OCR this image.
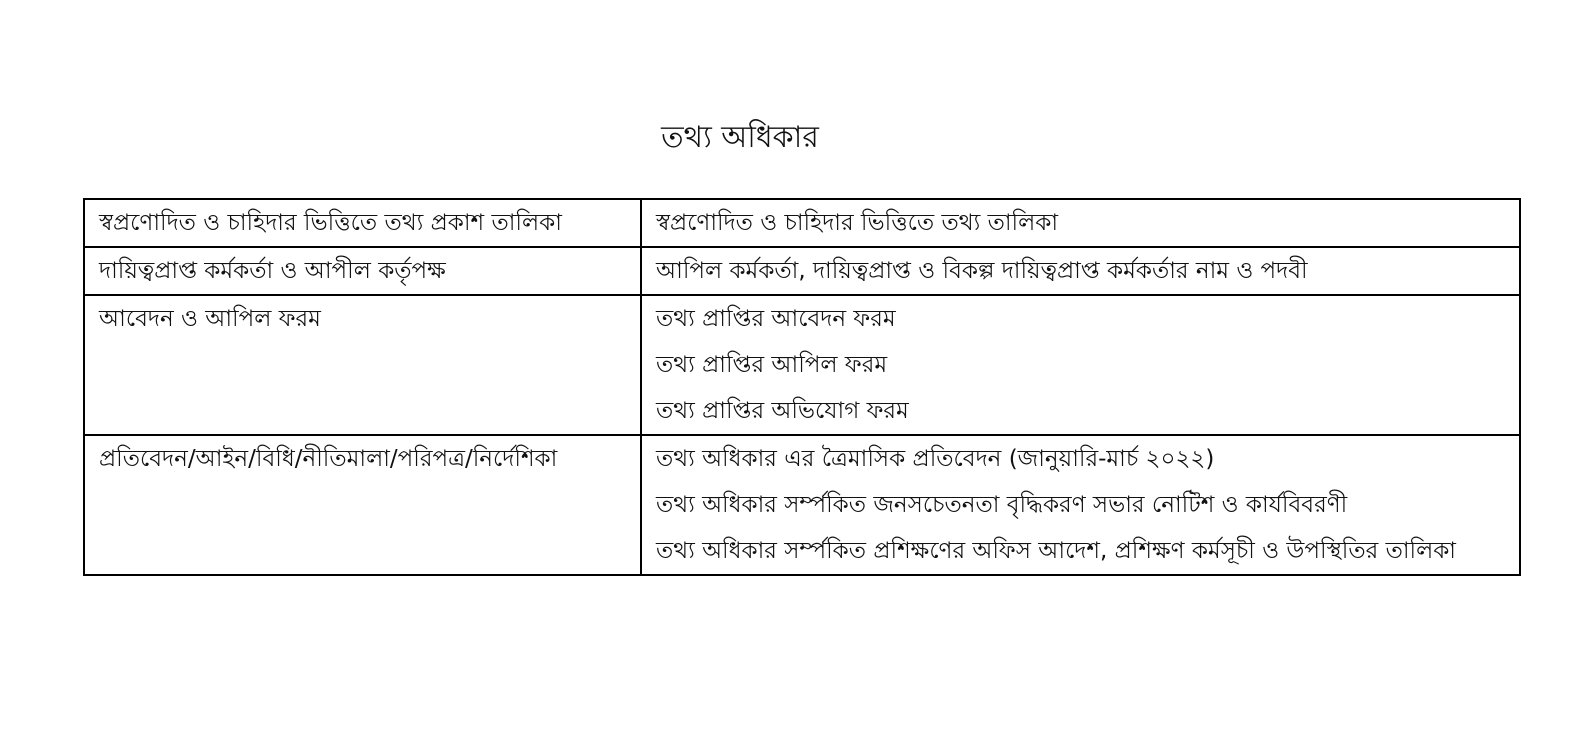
তথ্য অধিকার
স্বপ্রণোদিত ও চাহিদার ভিত্তিতে তথ্য প্রকাশ তালিকা	স্বপ্রণোদিত ও চাহিদার ভিত্তিতে তথ্য তালিকা

দায়িত্বপ্রাপ্ত কর্মকর্তা ও আপীল কর্তৃপক্ষ	আপিল কর্মকর্তা, দায়িত্বপ্রাপ্ত ও বিকল্প দায়িত্বপ্রাপ্ত কর্মকর্তার নাম ও পদবী

আবেদন ও আপিল ফরম	তথ্য প্রাপ্তির আবেদন ফরম
তথ্য প্রাপ্তির আপিল ফরম
তথ্য প্রাপ্তির অভিযোগ ফরম

প্রতিবেদন/আইন/বিধি/নীতিমালা/পরিপত্র/নির্দেশিকা	তথ্য অধিকার এর ত্রৈমাসিক প্রতিবেদন (জানুয়ারি-মার্চ ২০২২)
তথ্য অধিকার সর্ম্পকিত জনসচেতনতা বৃদ্ধিকরণ সভার নোটিশ ও কার্যবিবরণী
তথ্য অধিকার সর্ম্পকিত প্রশিক্ষণের অফিস আদেশ, প্রশিক্ষণ কর্মসূচী ও উপস্থিতির তালিকা
